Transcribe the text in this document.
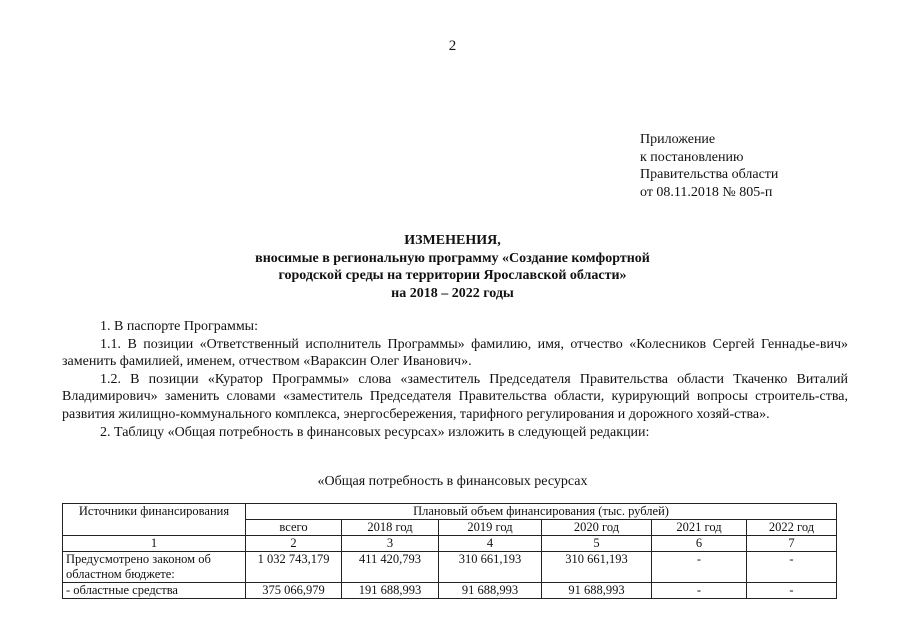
2
Приложение
к постановлению
Правительства области
от 08.11.2018 № 805-п
ИЗМЕНЕНИЯ,
вносимые в региональную программу «Создание комфортной
городской среды на территории Ярославской области»
на 2018 – 2022 годы

1. В паспорте Программы:

1.1. В позиции «Ответственный исполнитель Программы» фамилию, имя, отчество «Колесников Сергей Геннадье-вич» заменить фамилией, именем, отчеством «Вараксин Олег Иванович».

1.2. В позиции «Куратор Программы» слова «заместитель Председателя Правительства области Ткаченко Виталий Владимирович» заменить словами «заместитель Председателя Правительства области, курирующий вопросы строитель-ства, развития жилищно-коммунального комплекса, энергосбережения, тарифного регулирования и дорожного хозяй-ства».

2. Таблицу «Общая потребность в финансовых ресурсах» изложить в следующей редакции:

«Общая потребность в финансовых ресурсах
Источники финансирования	Плановый объем финансирования (тыс. рублей)					
	всего	2018 год	2019 год	2020 год	2021 год	2022 год
1	2	3	4	5	6	7
Предусмотрено законом об областном бюджете:	1 032 743,179	411 420,793	310 661,193	310 661,193	-	-
- областные средства	375 066,979	191 688,993	91 688,993	91 688,993	-	-
